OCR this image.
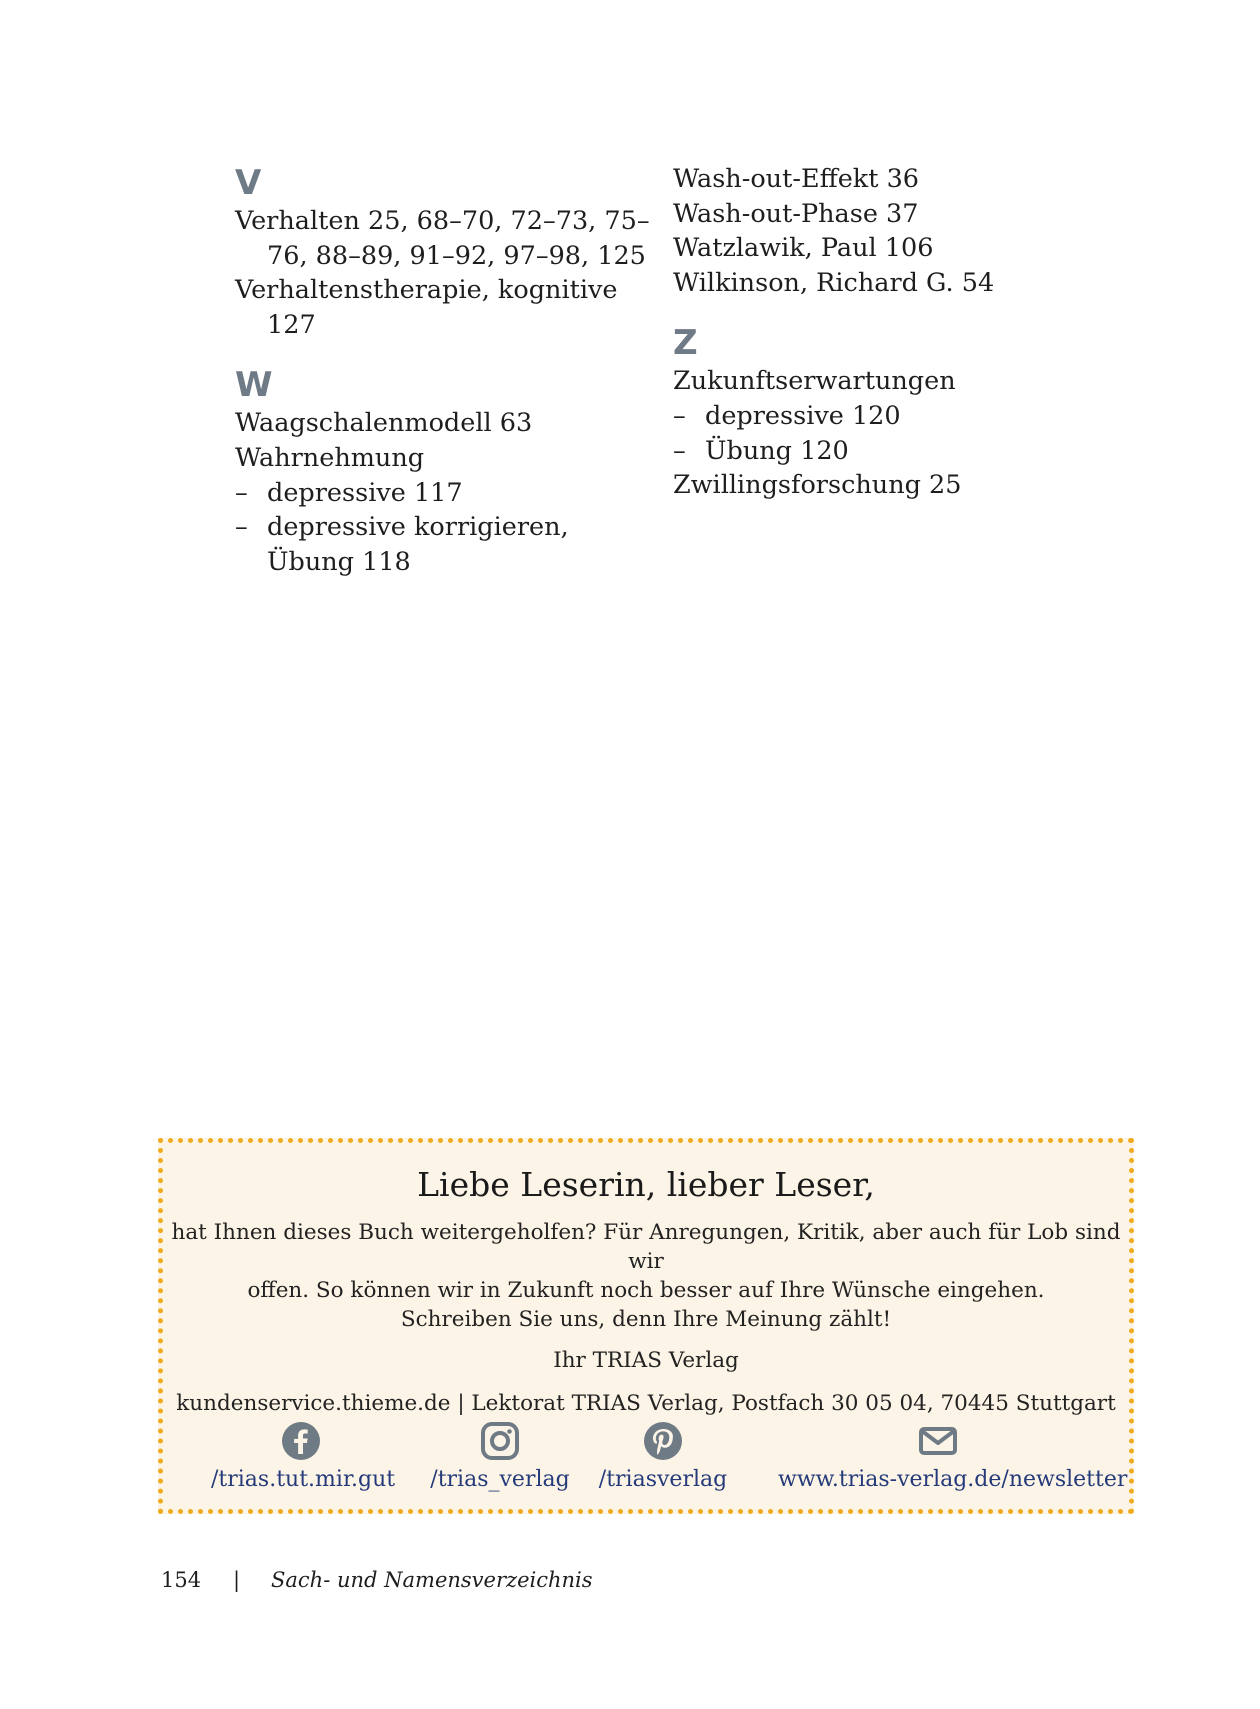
V

Verhalten 25, 68–70, 72–73, 75–76, 88–89, 91–92, 97–98, 125

Verhaltenstherapie, kognitive 127

W

Waagschalenmodell 63

Wahrnehmung

– depressive 117

– depressive korrigieren, Übung 118

Wash-out-Effekt 36

Wash-out-Phase 37

Watzlawik, Paul 106

Wilkinson, Richard G. 54

Z

Zukunftserwartungen

– depressive 120

– Übung 120

Zwillingsforschung 25

Liebe Leserin, lieber Leser,

hat Ihnen dieses Buch weitergeholfen? Für Anregungen, Kritik, aber auch für Lob sind wir

offen. So können wir in Zukunft noch besser auf Ihre Wünsche eingehen.

Schreiben Sie uns, denn Ihre Meinung zählt!

Ihr TRIAS Verlag

kundenservice.thieme.de | Lektorat TRIAS Verlag, Postfach 30 05 04, 70445 Stuttgart

/trias.tut.mir.gut	/trias_verlag	/triasverlag www.trias-verlag.de/newsletter
154 | Sach- und Namensverzeichnis
